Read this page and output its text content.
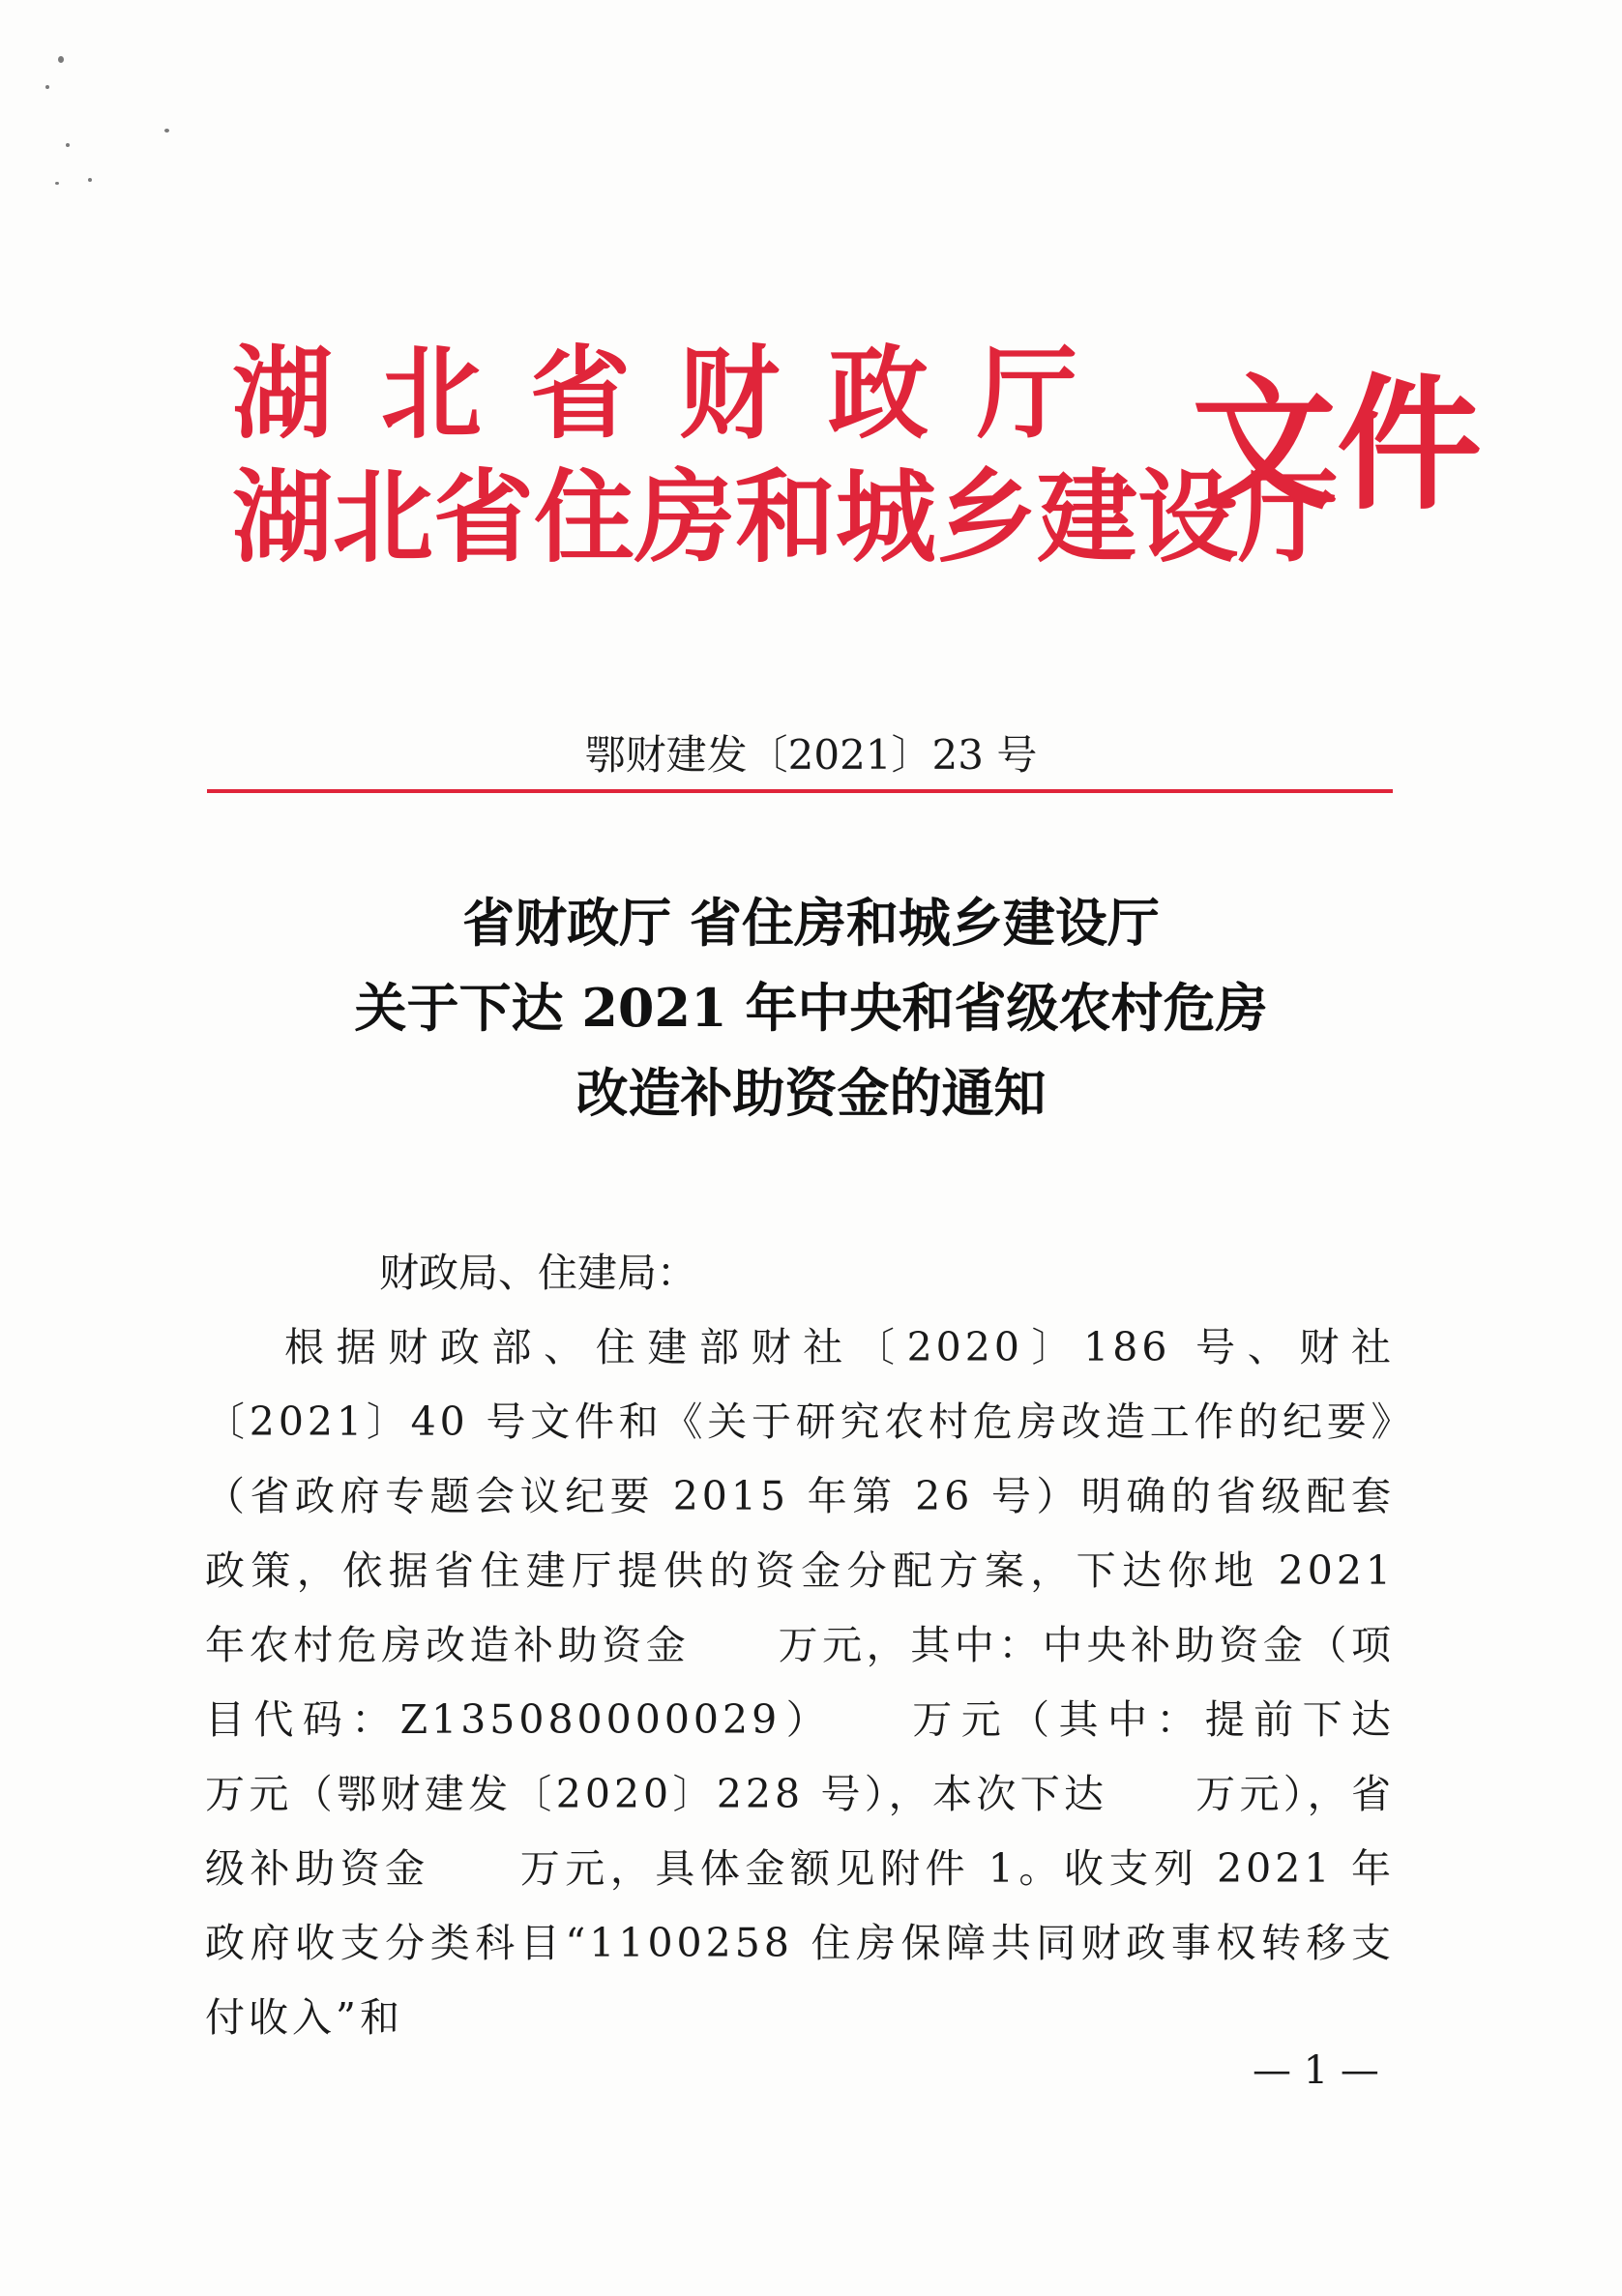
湖北省财政厅
湖北省住房和城乡建设厅
文件
鄂财建发〔2021〕23 号
省财政厅 省住房和城乡建设厅
关于下达 2021 年中央和省级农村危房
改造补助资金的通知
财政局、住建局：
根据财政部、住建部财社〔2020〕186 号、财社〔2021〕40 号文件和《关于研究农村危房改造工作的纪要》（省政府专题会议纪要 2015 年第 26 号）明确的省级配套政策，依据省住建厅提供的资金分配方案，下达你地 2021 年农村危房改造补助资金　　万元，其中：中央补助资金（项目代码：Z135080000029）　　万元（其中：提前下达　　万元（鄂财建发〔2020〕228 号），本次下达　　万元），省级补助资金　　万元，具体金额见附件 1。收支列 2021 年政府收支分类科目“1100258 住房保障共同财政事权转移支付收入”和
— 1 —
